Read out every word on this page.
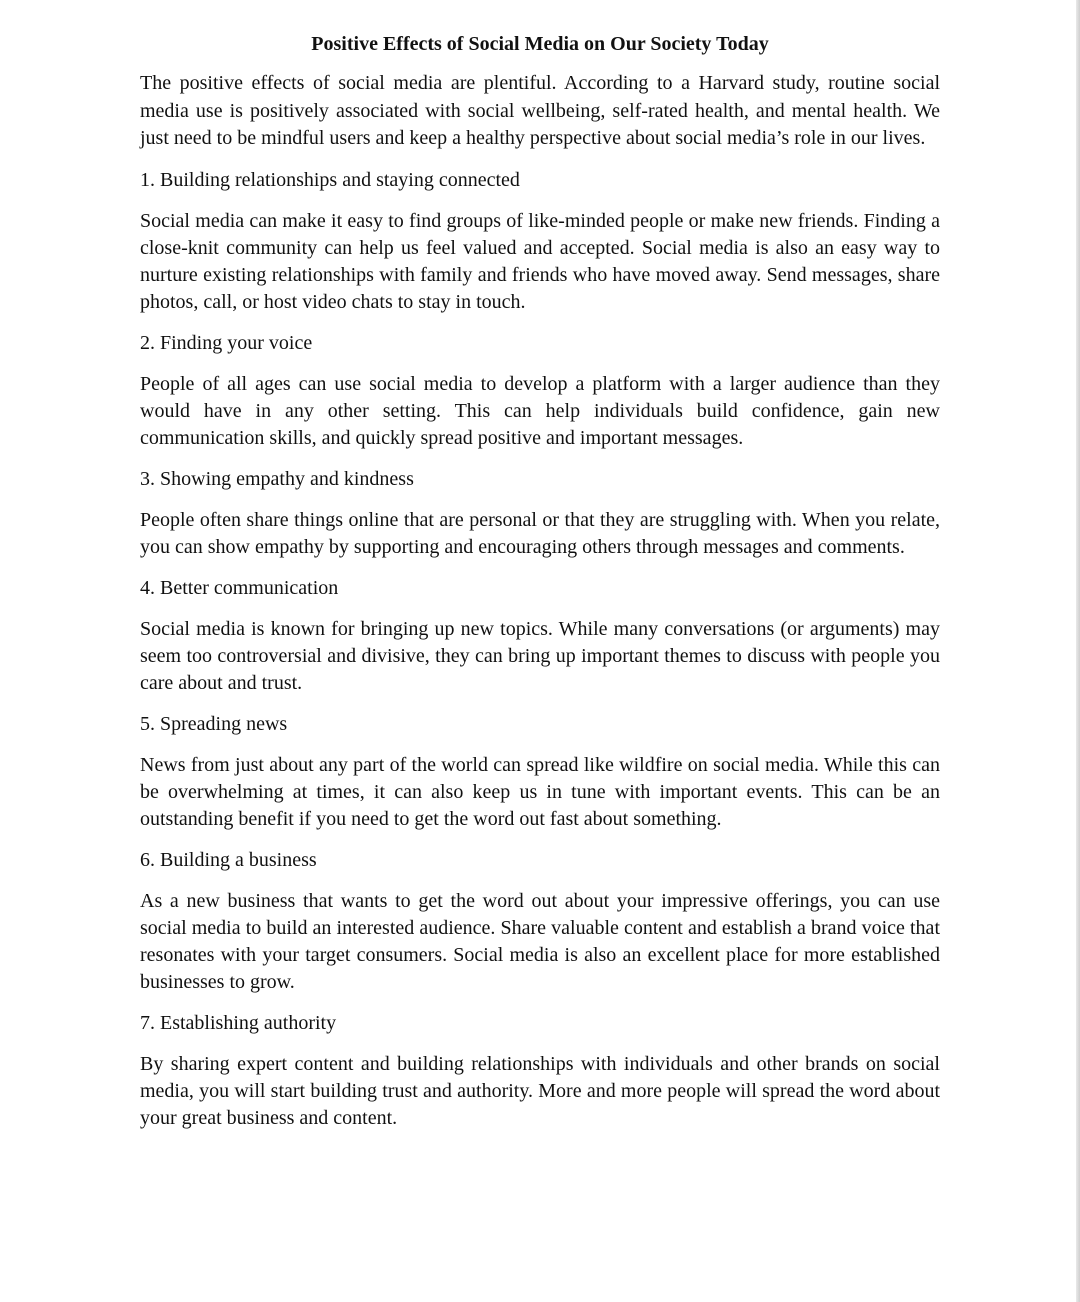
Positive Effects of Social Media on Our Society Today

The positive effects of social media are plentiful. According to a Harvard study, routine social media use is positively associated with social wellbeing, self-rated health, and mental health. We just need to be mindful users and keep a healthy perspective about social media’s role in our lives.

1. Building relationships and staying connected

Social media can make it easy to find groups of like-minded people or make new friends. Finding a close-knit community can help us feel valued and accepted. Social media is also an easy way to nurture existing relationships with family and friends who have moved away. Send messages, share photos, call, or host video chats to stay in touch.

2. Finding your voice

People of all ages can use social media to develop a platform with a larger audience than they would have in any other setting. This can help individuals build confidence, gain new communication skills, and quickly spread positive and important messages.

3. Showing empathy and kindness

People often share things online that are personal or that they are struggling with. When you relate, you can show empathy by supporting and encouraging others through messages and comments.

4. Better communication

Social media is known for bringing up new topics. While many conversations (or arguments) may seem too controversial and divisive, they can bring up important themes to discuss with people you care about and trust.

5. Spreading news

News from just about any part of the world can spread like wildfire on social media. While this can be overwhelming at times, it can also keep us in tune with important events. This can be an outstanding benefit if you need to get the word out fast about something.

6. Building a business

As a new business that wants to get the word out about your impressive offerings, you can use social media to build an interested audience. Share valuable content and establish a brand voice that resonates with your target consumers. Social media is also an excellent place for more established businesses to grow.

7. Establishing authority

By sharing expert content and building relationships with individuals and other brands on social media, you will start building trust and authority. More and more people will spread the word about your great business and content.
